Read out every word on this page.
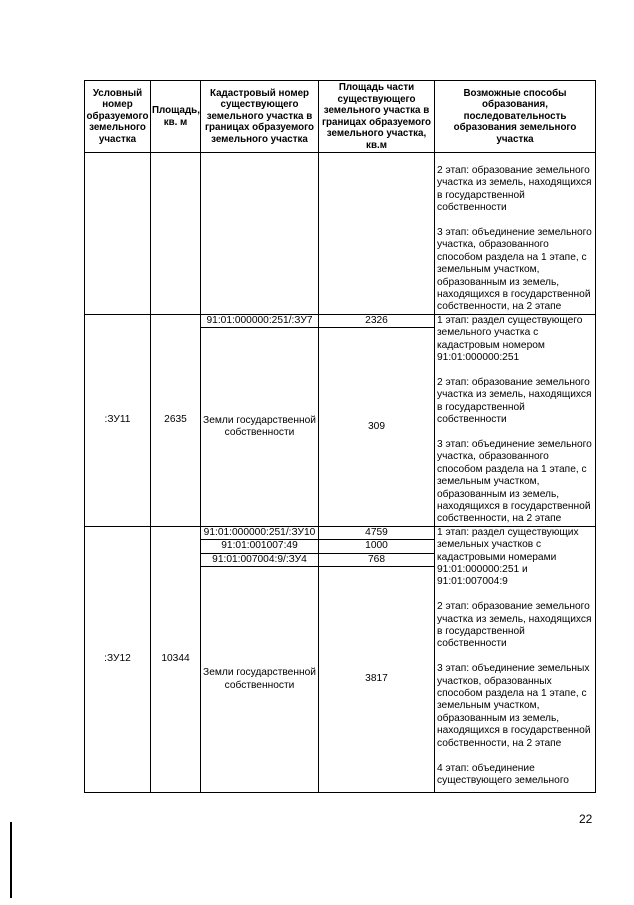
Условный номер образуемого земельного участка	Площадь, кв. м	Кадастровый номер существующего земельного участка в границах образуемого земельного участка	Площадь части существующего земельного участка в границах образуемого земельного участка, кв.м	Возможные способы образования, последовательность образования земельного участка
				2 этап: образование земельного участка из земель, находящихся в государственной собственности

3 этап: объединение земельного участка, образованного способом раздела на 1 этапе, с земельным участком, образованным из земель, находящихся в государственной собственности, на 2 этапе
:ЗУ11	2635	91:01:000000:251/:ЗУ7	2326	1 этап: раздел существующего земельного участка с кадастровым номером 91:01:000000:251

2 этап: образование земельного участка из земель, находящихся в государственной собственности

3 этап: объединение земельного участка, образованного способом раздела на 1 этапе, с земельным участком, образованным из земель, находящихся в государственной собственности, на 2 этапе
		Земли государственной собственности	309	
:ЗУ12	10344	91:01:000000:251/:ЗУ10	4759	1 этап: раздел существующих земельных участков с кадастровыми номерами 91:01:000000:251 и 91:01:007004:9

2 этап: образование земельного участка из земель, находящихся в государственной собственности

3 этап: объединение земельных участков, образованных способом раздела на 1 этапе, с земельным участком, образованным из земель, находящихся в государственной собственности, на 2 этапе

4 этап: объединение существующего земельного
		91:01:001007:49	1000	
		91:01:007004:9/:ЗУ4	768	
		Земли государственной собственности	3817	
22
